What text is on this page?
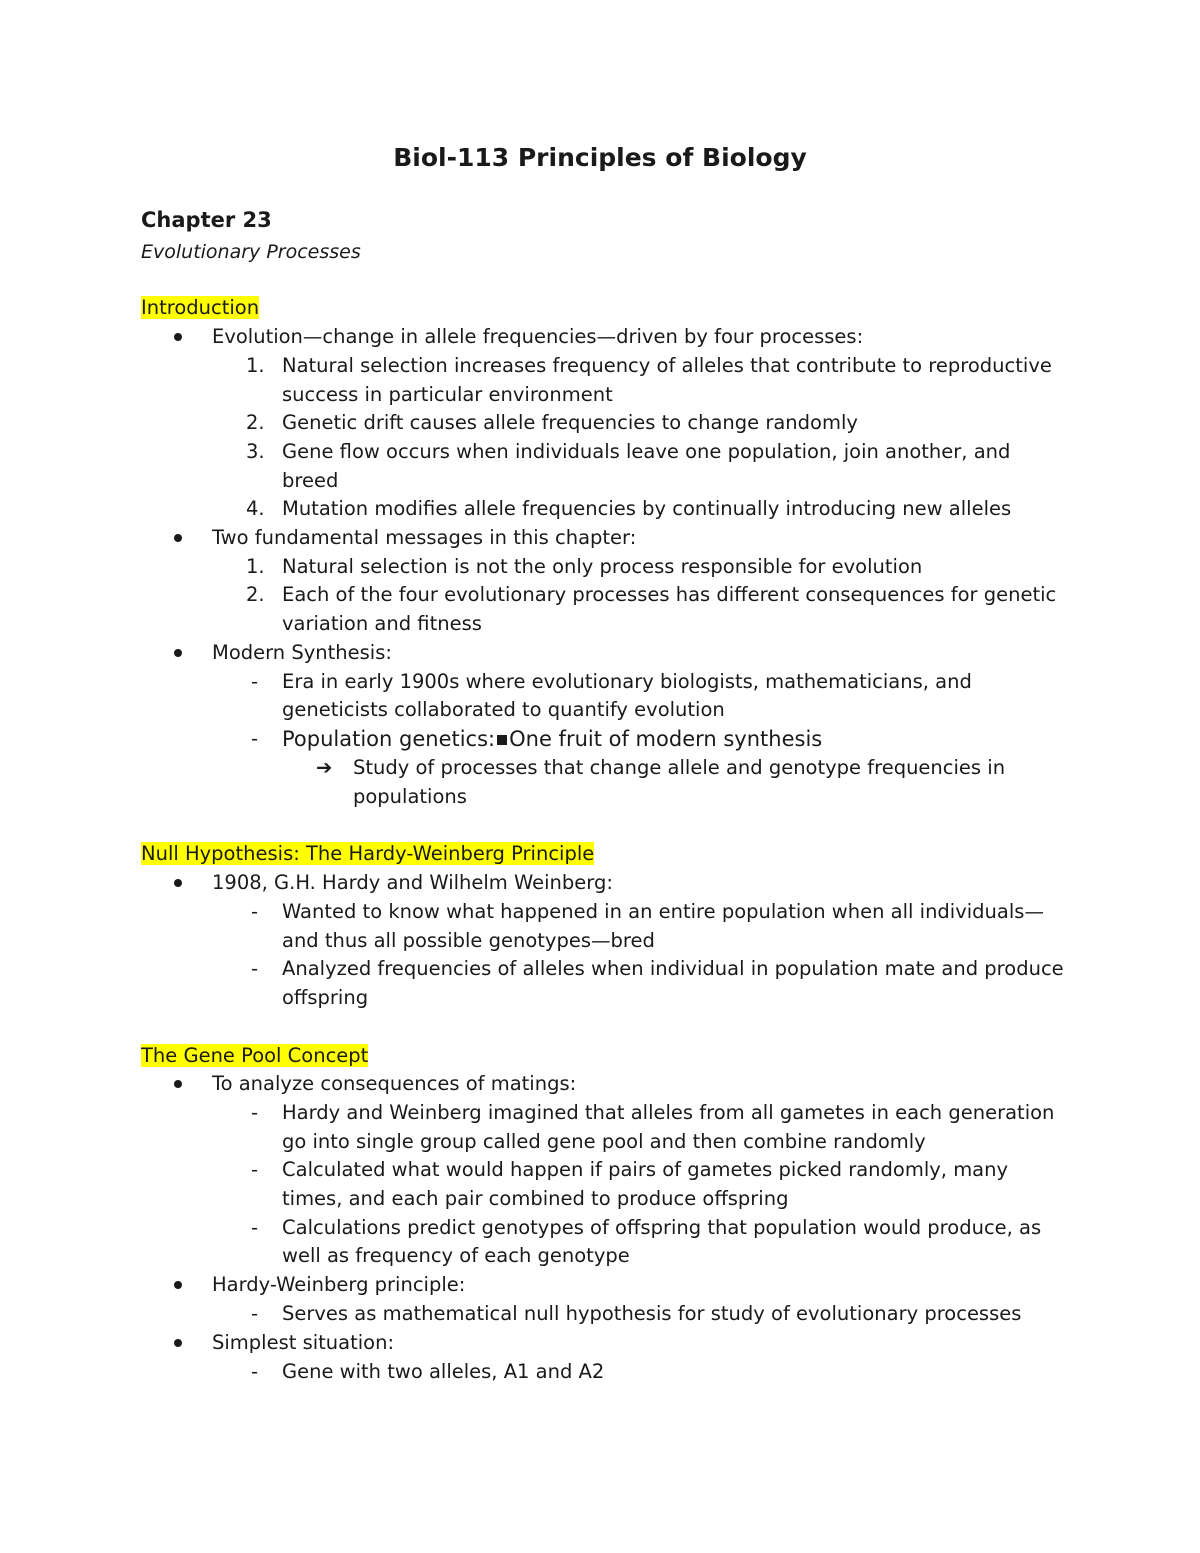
Biol-113 Principles of Biology
Chapter 23
Evolutionary Processes
Introduction
Evolution—change in allele frequencies—driven by four processes:
1. Natural selection increases frequency of alleles that contribute to reproductive
success in particular environment
2. Genetic drift causes allele frequencies to change randomly
3. Gene flow occurs when individuals leave one population, join another, and
breed
4. Mutation modifies allele frequencies by continually introducing new alleles
Two fundamental messages in this chapter:
1. Natural selection is not the only process responsible for evolution
2. Each of the four evolutionary processes has different consequences for genetic
variation and fitness
Modern Synthesis:
- Era in early 1900s where evolutionary biologists, mathematicians, and
geneticists collaborated to quantify evolution
- Population genetics: One fruit of modern synthesis
➔ Study of processes that change allele and genotype frequencies in
populations
Null Hypothesis: The Hardy-Weinberg Principle
1908, G.H. Hardy and Wilhelm Weinberg:
- Wanted to know what happened in an entire population when all individuals—
and thus all possible genotypes—bred
- Analyzed frequencies of alleles when individual in population mate and produce
offspring
The Gene Pool Concept
To analyze consequences of matings:
- Hardy and Weinberg imagined that alleles from all gametes in each generation
go into single group called gene pool and then combine randomly
- Calculated what would happen if pairs of gametes picked randomly, many
times, and each pair combined to produce offspring
- Calculations predict genotypes of offspring that population would produce, as
well as frequency of each genotype
Hardy-Weinberg principle:
- Serves as mathematical null hypothesis for study of evolutionary processes
Simplest situation:
- Gene with two alleles, A1 and A2
